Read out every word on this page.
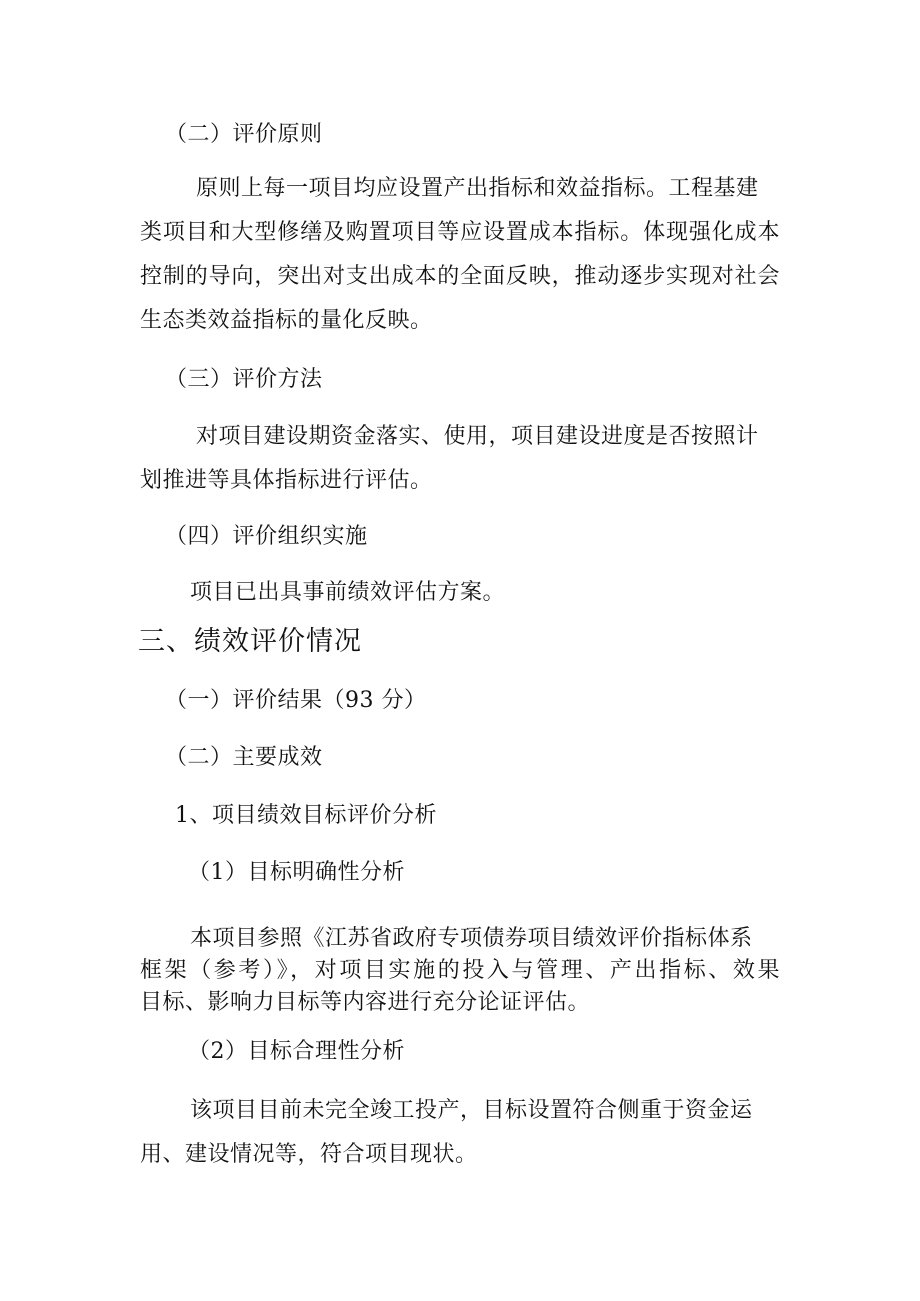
（二）评价原则
原则上每一项目均应设置产出指标和效益指标。工程基建
类项目和大型修缮及购置项目等应设置成本指标。体现强化成本
控制的导向，突出对支出成本的全面反映，推动逐步实现对社会
生态类效益指标的量化反映。
（三）评价方法
对项目建设期资金落实、使用，项目建设进度是否按照计
划推进等具体指标进行评估。
（四）评价组织实施
项目已出具事前绩效评估方案。
三、绩效评价情况
（一）评价结果（93 分）
（二）主要成效
1、项目绩效目标评价分析
（1）目标明确性分析
本项目参照《江苏省政府专项债券项目绩效评价指标体系
框架（参考）》，对项目实施的投入与管理、产出指标、效果
目标、影响力目标等内容进行充分论证评估。
（2）目标合理性分析
该项目目前未完全竣工投产，目标设置符合侧重于资金运
用、建设情况等，符合项目现状。
